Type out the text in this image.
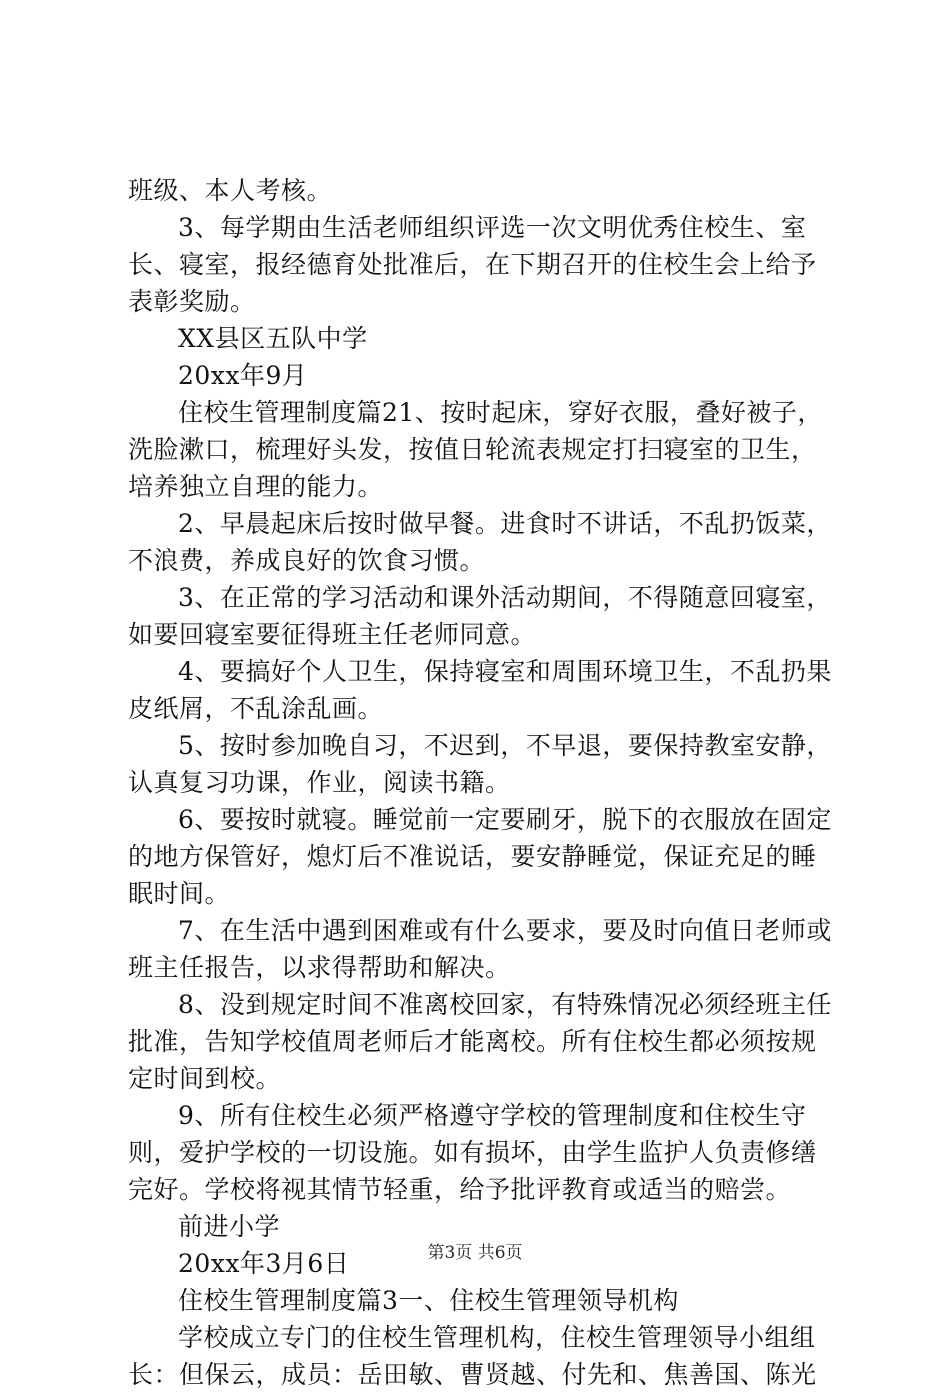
班级、本人考核。

3、每学期由生活老师组织评选一次文明优秀住校生、室长、寝室，报经德育处批准后，在下期召开的住校生会上给予表彰奖励。

XX县区五队中学

20xx年9月

住校生管理制度篇21、按时起床，穿好衣服，叠好被子，洗脸漱口，梳理好头发，按值日轮流表规定打扫寝室的卫生，培养独立自理的能力。

2、早晨起床后按时做早餐。进食时不讲话，不乱扔饭菜，不浪费，养成良好的饮食习惯。

3、在正常的学习活动和课外活动期间，不得随意回寝室，如要回寝室要征得班主任老师同意。

4、要搞好个人卫生，保持寝室和周围环境卫生，不乱扔果皮纸屑，不乱涂乱画。

5、按时参加晚自习，不迟到，不早退，要保持教室安静，认真复习功课，作业，阅读书籍。

6、要按时就寝。睡觉前一定要刷牙，脱下的衣服放在固定的地方保管好，熄灯后不准说话，要安静睡觉，保证充足的睡眠时间。

7、在生活中遇到困难或有什么要求，要及时向值日老师或班主任报告，以求得帮助和解决。

8、没到规定时间不准离校回家，有特殊情况必须经班主任批准，告知学校值周老师后才能离校。所有住校生都必须按规定时间到校。

9、所有住校生必须严格遵守学校的管理制度和住校生守则，爱护学校的一切设施。如有损坏，由学生监护人负责修缮完好。学校将视其情节轻重，给予批评教育或适当的赔尝。

前进小学

20xx年3月6日

住校生管理制度篇3一、住校生管理领导机构

学校成立专门的住校生管理机构，住校生管理领导小组组长：但保云，成员：岳田敏、曹贤越、付先和、焦善国、陈光

第3页 共6页
